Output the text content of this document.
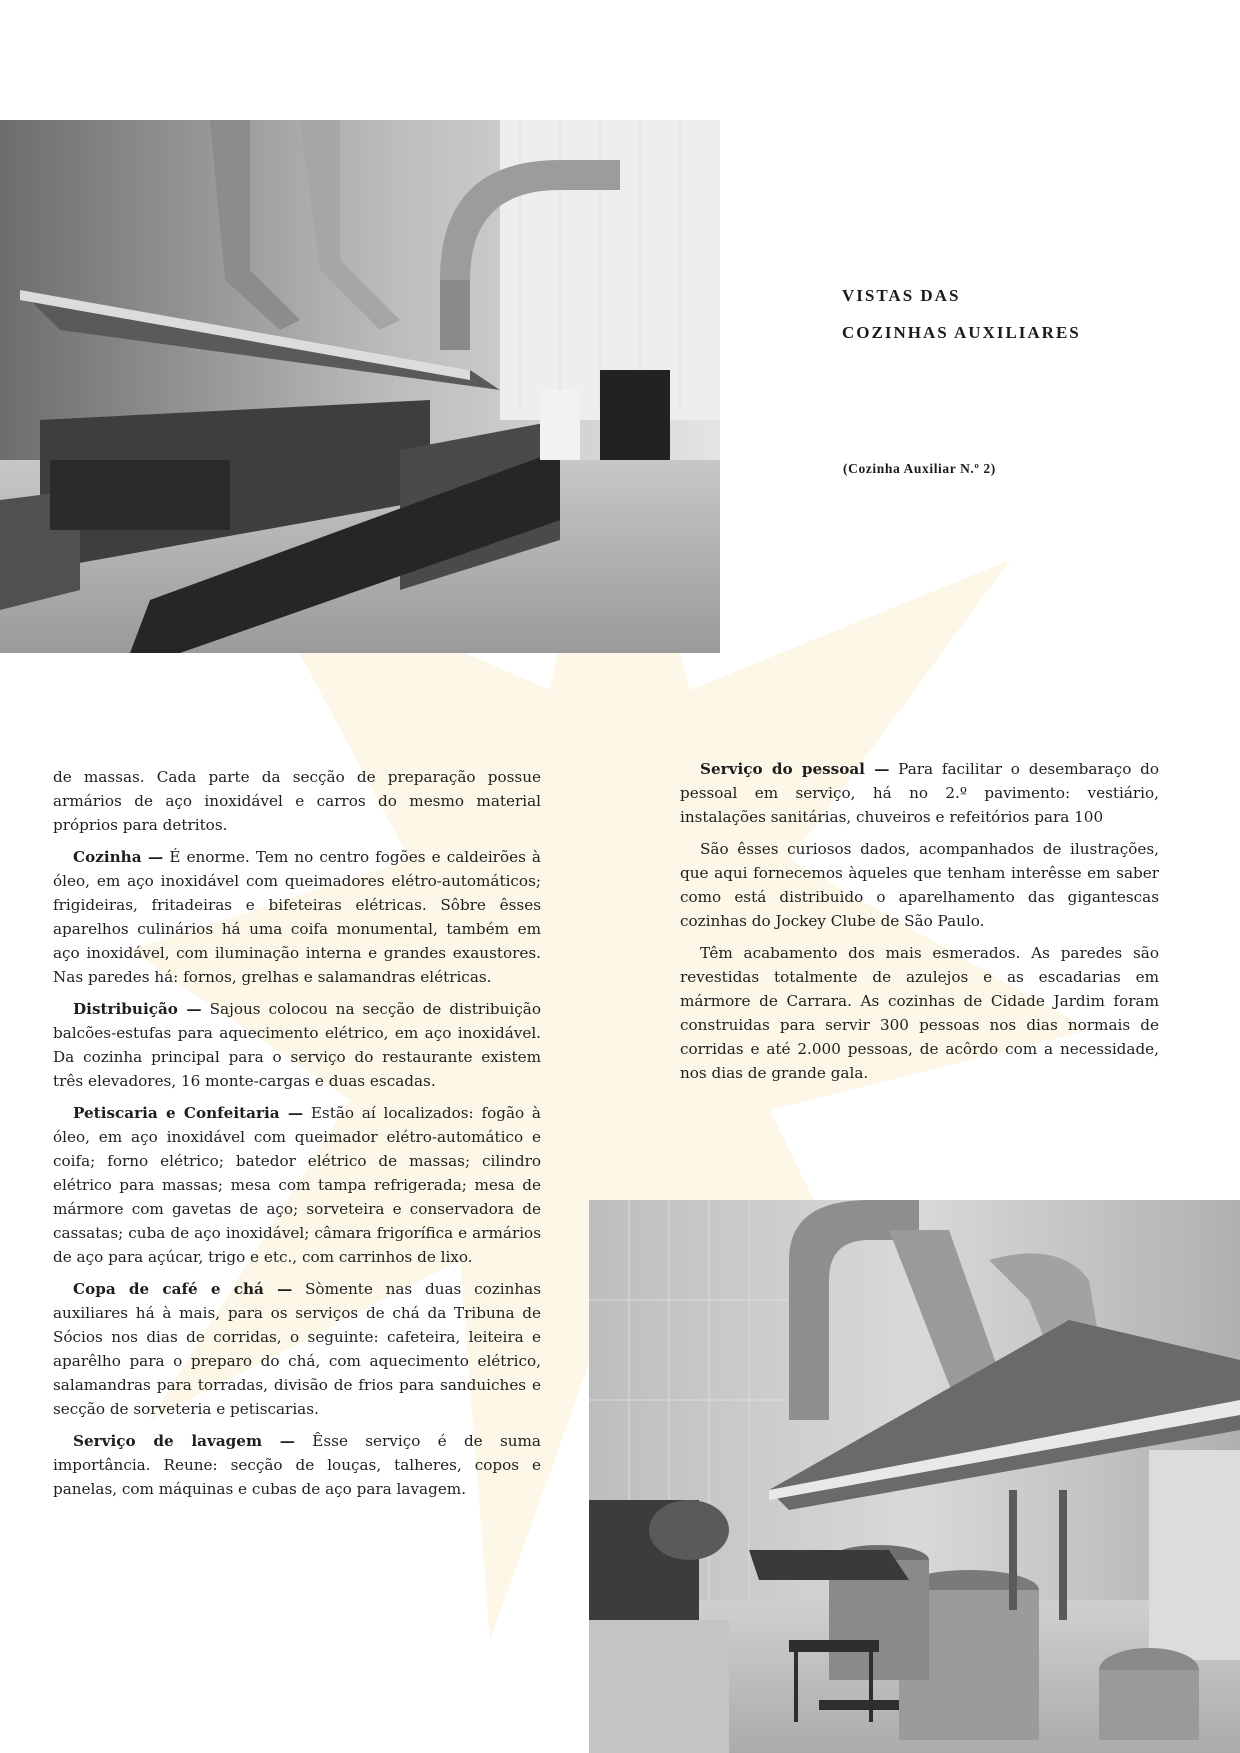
VISTAS DAS
COZINHAS AUXILIARES
(Cozinha Auxiliar N.º 2)

de massas. Cada parte da secção de preparação possue armários de aço inoxidável e carros do mesmo material próprios para detritos.

Cozinha — É enorme. Tem no centro fogões e caldeirões à óleo, em aço inoxidável com queimadores elétro-automáticos; frigideiras, fritadeiras e bifeteiras elétricas. Sôbre êsses aparelhos culinários há uma coifa monumental, também em aço inoxidável, com iluminação interna e grandes exaustores. Nas paredes há: fornos, grelhas e salamandras elétricas.

Distribuição — Sajous colocou na secção de distribuição balcões-estufas para aquecimento elétrico, em aço inoxidável. Da cozinha principal para o serviço do restaurante existem três elevadores, 16 monte-cargas e duas escadas.

Petiscaria e Confeitaria — Estão aí localizados: fogão à óleo, em aço inoxidável com queimador elétro-automático e coifa; forno elétrico; batedor elétrico de massas; cilindro elétrico para massas; mesa com tampa refrigerada; mesa de mármore com gavetas de aço; sorveteira e conservadora de cassatas; cuba de aço inoxidável; câmara frigorífica e armários de aço para açúcar, trigo e etc., com carrinhos de lixo.

Copa de café e chá — Sòmente nas duas cozinhas auxiliares há à mais, para os serviços de chá da Tribuna de Sócios nos dias de corridas, o seguinte: cafeteira, leiteira e aparêlho para o preparo do chá, com aquecimento elétrico, salamandras para torradas, divisão de frios para sanduiches e secção de sorveteria e petiscarias.

Serviço de lavagem — Êsse serviço é de suma importância. Reune: secção de louças, talheres, copos e panelas, com máquinas e cubas de aço para lavagem.

Serviço do pessoal — Para facilitar o desembaraço do pessoal em serviço, há no 2.º pavimento: vestiário, instalações sanitárias, chuveiros e refeitórios para 100

São êsses curiosos dados, acompanhados de ilustrações, que aqui fornecemos àqueles que tenham interêsse em saber como está distribuido o aparelhamento das gigantescas cozinhas do Jockey Clube de São Paulo.

Têm acabamento dos mais esmerados. As paredes são revestidas totalmente de azulejos e as escadarias em mármore de Carrara. As cozinhas de Cidade Jardim foram construidas para servir 300 pessoas nos dias normais de corridas e até 2.000 pessoas, de acôrdo com a necessidade, nos dias de grande gala.
